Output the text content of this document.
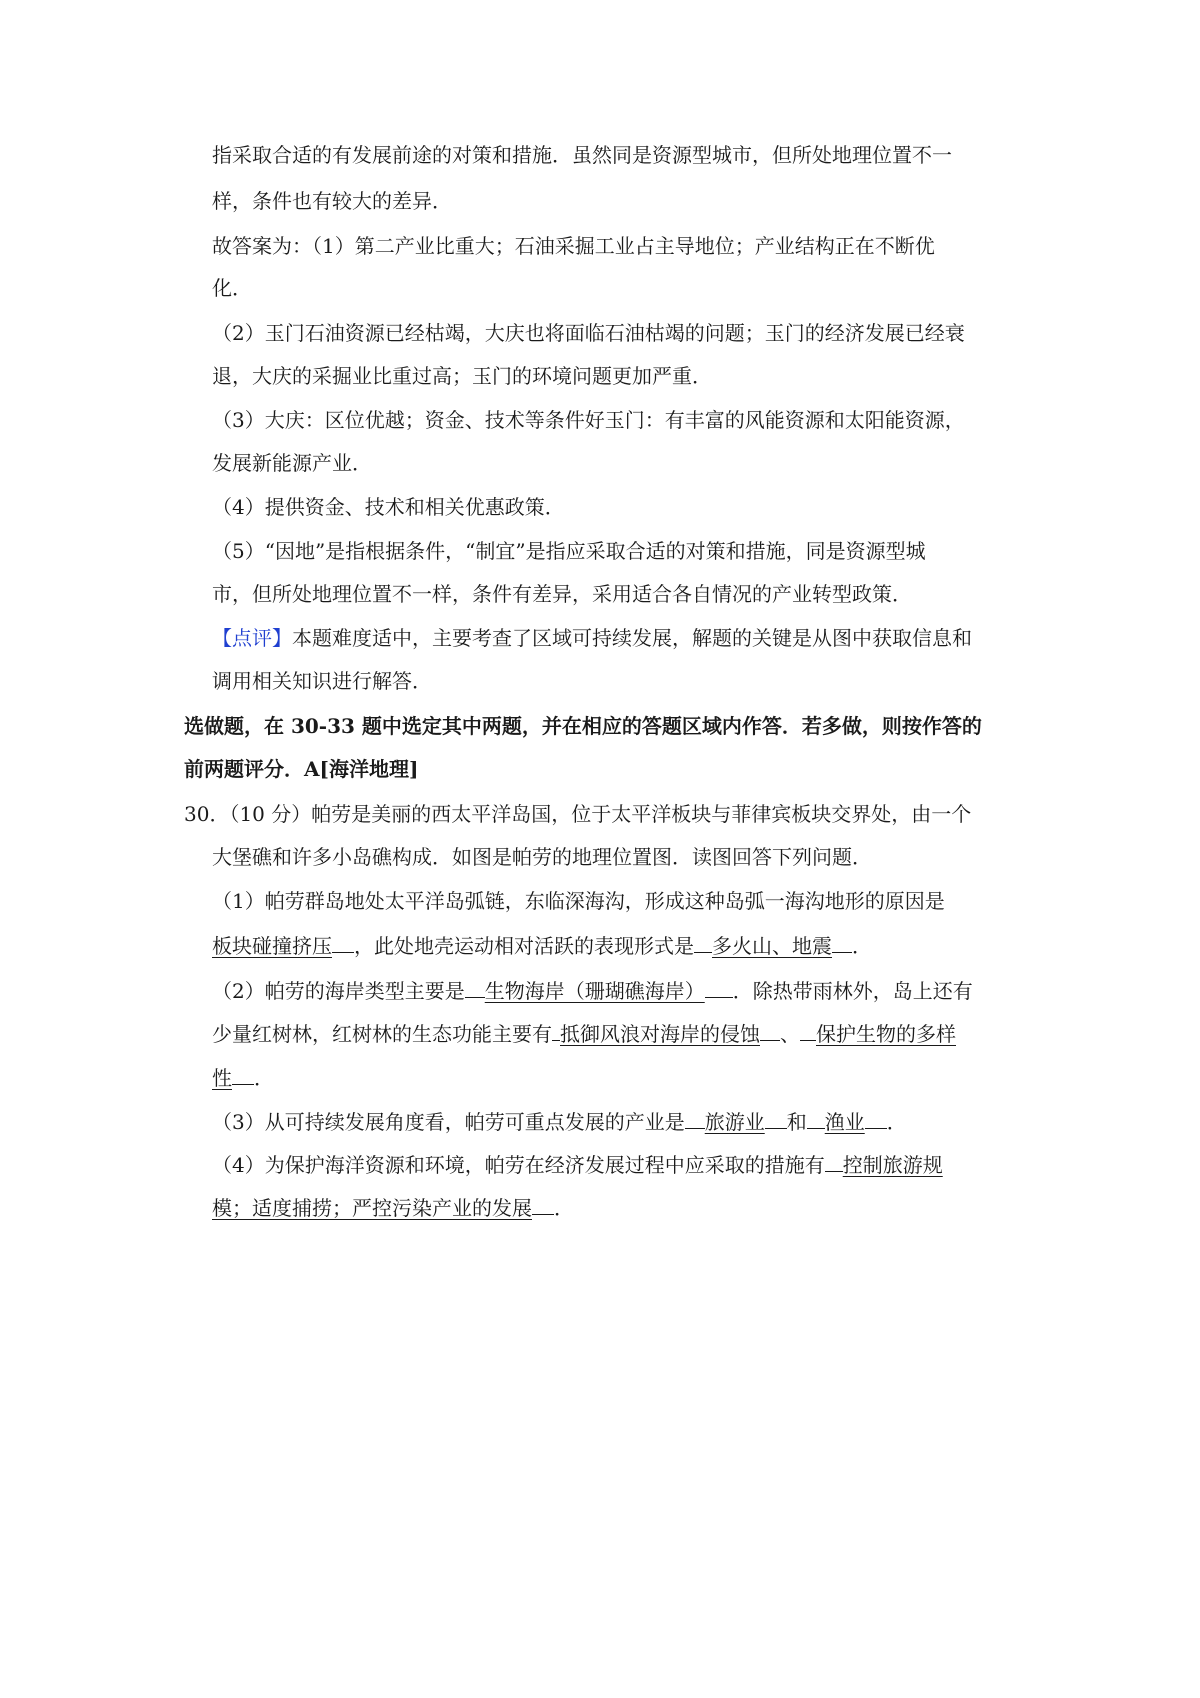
指采取合适的有发展前途的对策和措施．虽然同是资源型城市，但所处地理位置不一
样，条件也有较大的差异．
故答案为：（1）第二产业比重大；石油采掘工业占主导地位；产业结构正在不断优
化．
（2）玉门石油资源已经枯竭，大庆也将面临石油枯竭的问题；玉门的经济发展已经衰
退，大庆的采掘业比重过高；玉门的环境问题更加严重．
（3）大庆：区位优越；资金、技术等条件好玉门：有丰富的风能资源和太阳能资源，
发展新能源产业．
（4）提供资金、技术和相关优惠政策．
（5）“因地”是指根据条件，“制宜”是指应采取合适的对策和措施，同是资源型城
市，但所处地理位置不一样，条件有差异，采用适合各自情况的产业转型政策．
【点评】本题难度适中，主要考查了区域可持续发展，解题的关键是从图中获取信息和
调用相关知识进行解答．
选做题，在 30-33 题中选定其中两题，并在相应的答题区域内作答．若多做，则按作答的
前两题评分．A[海洋地理]
30．（10 分）帕劳是美丽的西太平洋岛国，位于太平洋板块与菲律宾板块交界处，由一个
大堡礁和许多小岛礁构成．如图是帕劳的地理位置图．读图回答下列问题．
（1）帕劳群岛地处太平洋岛弧链，东临深海沟，形成这种岛弧一海沟地形的原因是
板块碰撞挤压 ，此处地壳运动相对活跃的表现形式是 多火山、地震 ．
（2）帕劳的海岸类型主要是 生物海岸（珊瑚礁海岸） ．除热带雨林外，岛上还有
少量红树林，红树林的生态功能主要有 抵御风浪对海岸的侵蚀 、 保护生物的多样
性 ．
（3）从可持续发展角度看，帕劳可重点发展的产业是 旅游业 和 渔业 ．
（4）为保护海洋资源和环境，帕劳在经济发展过程中应采取的措施有 控制旅游规
模；适度捕捞；严控污染产业的发展 ．
